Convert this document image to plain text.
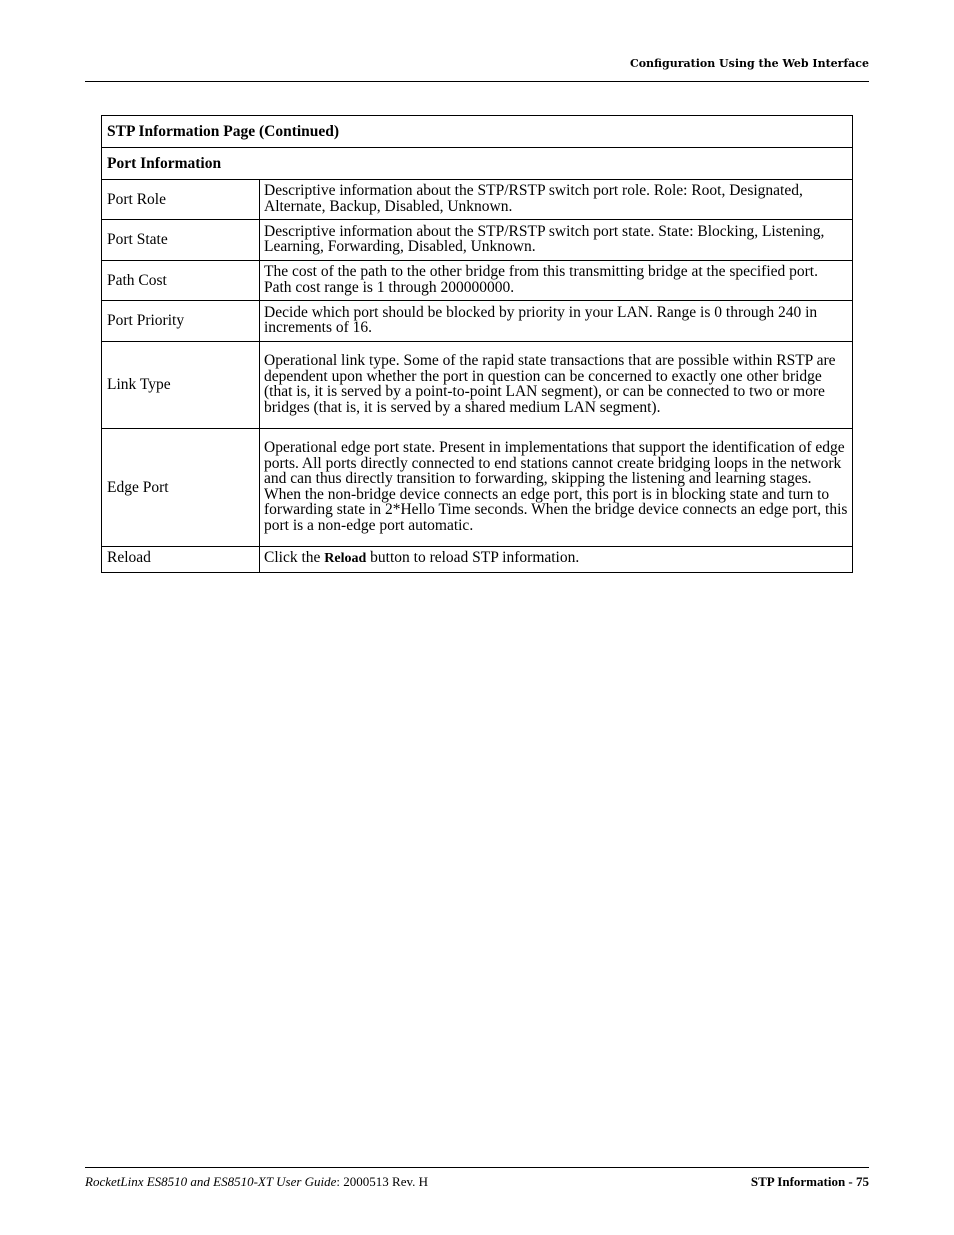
Configuration Using the Web Interface
STP Information Page (Continued)	
Port Information	
Port Role	Descriptive information about the STP/RSTP switch port role. Role: Root, Designated, Alternate, Backup, Disabled, Unknown.
Port State	Descriptive information about the STP/RSTP switch port state. State: Blocking, Listening, Learning, Forwarding, Disabled, Unknown.
Path Cost	The cost of the path to the other bridge from this transmitting bridge at the specified port. Path cost range is 1 through 200000000.
Port Priority	Decide which port should be blocked by priority in your LAN. Range is 0 through 240 in increments of 16.
Link Type	Operational link type. Some of the rapid state transactions that are possible within RSTP are dependent upon whether the port in question can be concerned to exactly one other bridge (that is, it is served by a point-to-point LAN segment), or can be connected to two or more bridges (that is, it is served by a shared medium LAN segment).
Edge Port	Operational edge port state. Present in implementations that support the identification of edge ports. All ports directly connected to end stations cannot create bridging loops in the network and can thus directly transition to forwarding, skipping the listening and learning stages. When the non-bridge device connects an edge port, this port is in blocking state and turn to forwarding state in 2*Hello Time seconds. When the bridge device connects an edge port, this port is a non-edge port automatic.
Reload	Click the Reload button to reload STP information.
RocketLinx ES8510 and ES8510-XT User Guide: 2000513 Rev. H	STP Information - 75
